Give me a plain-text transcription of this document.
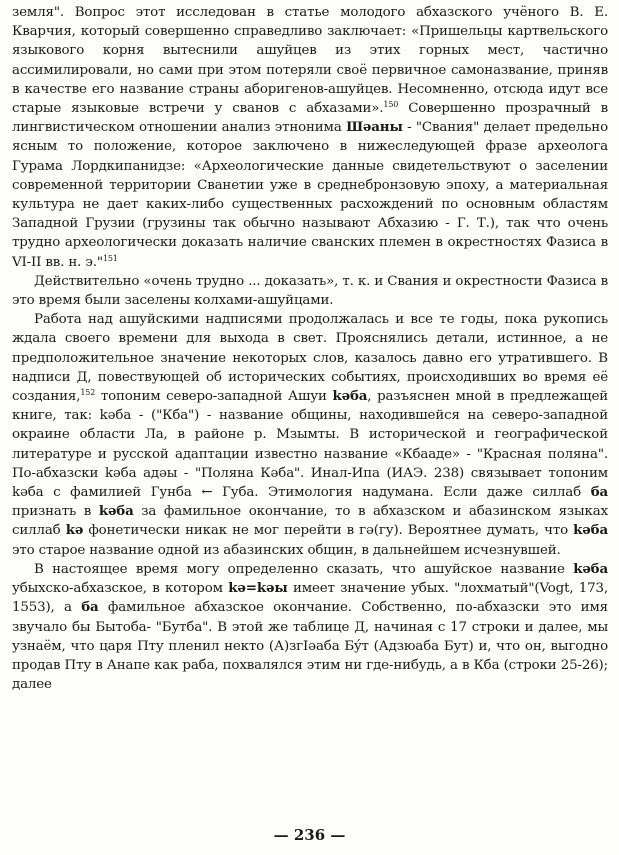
земля". Вопрос этот исследован в статье молодого абхазского учёного В. Е. Кварчия, который совершенно справедливо заключает: «Пришельцы картвельского языкового корня вытеснили ашуйцев из этих горных мест, частично ассимилировали, но сами при этом потеряли своё первичное самоназвание, приняв в качестве его название страны аборигенов-ашуйцев. Несомненно, отсюда идут все старые языковые встречи у сванов с абхазами».$^{150}$ Совершенно прозрачный в лингвистическом отношении анализ этнонима Шəаны - "Свания" делает предельно ясным то положение, которое заключено в нижеследующей фразе археолога Гурама Лордкипанидзе: «Археологические данные свидетельствуют о заселении современной территории Сванетии уже в среднебронзовую эпоху, а материальная культура не дает каких-либо существенных расхождений по основным областям Западной Грузии (грузины так обычно называют Абхазию - Г. Т.), так что очень трудно археологически доказать наличие сванских племен в окрестностях Фазиса в VI-II вв. н. э."$^{151}$

Действительно «очень трудно ... доказать», т. к. и Свания и окрестности Фазиса в это время были заселены колхами-ашуйцами.

Работа над ашуйскими надписями продолжалась и все те годы, пока рукопись ждала своего времени для выхода в свет. Прояснялись детали, истинное, а не предположительное значение некоторых слов, казалось давно его утратившего. В надписи Д, повествующей об исторических событиях, происходивших во время её создания,$^{152}$ топоним северо-западной Ашуи kəба, разъяснен мной в предлежащей книге, так: kəба - ("Кба") - название общины, находившейся на северо-западной окраине области Ла, в районе р. Мзымты. В исторической и географической литературе и русской адаптации известно название «Кбааде» - "Красная поляна". По-абхазски kəба адəы - "Поляна Кəба". Инал-Ипа (ИАЭ. 238) связывает топоним kəба с фамилией Гунба ← Губа. Этимология надумана. Если даже силлаб ба признать в kəба за фамильное окончание, то в абхазском и абазинском языках силлаб kə фонетически никак не мог перейти в гə(гу). Вероятнее думать, что kəба это старое название одной из абазинских общин, в дальнейшем исчезнувшей.

В настоящее время могу определенно сказать, что ашуйское название kəба убыхско-абхазское, в котором kə=kəы имеет значение убых. "лохматый"(Vogt, 173, 1553), а ба фамильное абхазское окончание. Собственно, по-абхазски это имя звучало бы Бытоба- "Бутба". В этой же таблице Д, начиная с 17 строки и далее, мы узнаём, что царя Пту пленил некто (А)згIəаба Бýт (Адзюаба Бут) и, что он, выгодно продав Пту в Анапе как раба, похвалялся этим ни где-нибудь, а в Кба (строки 25-26); далее

— 236 —
